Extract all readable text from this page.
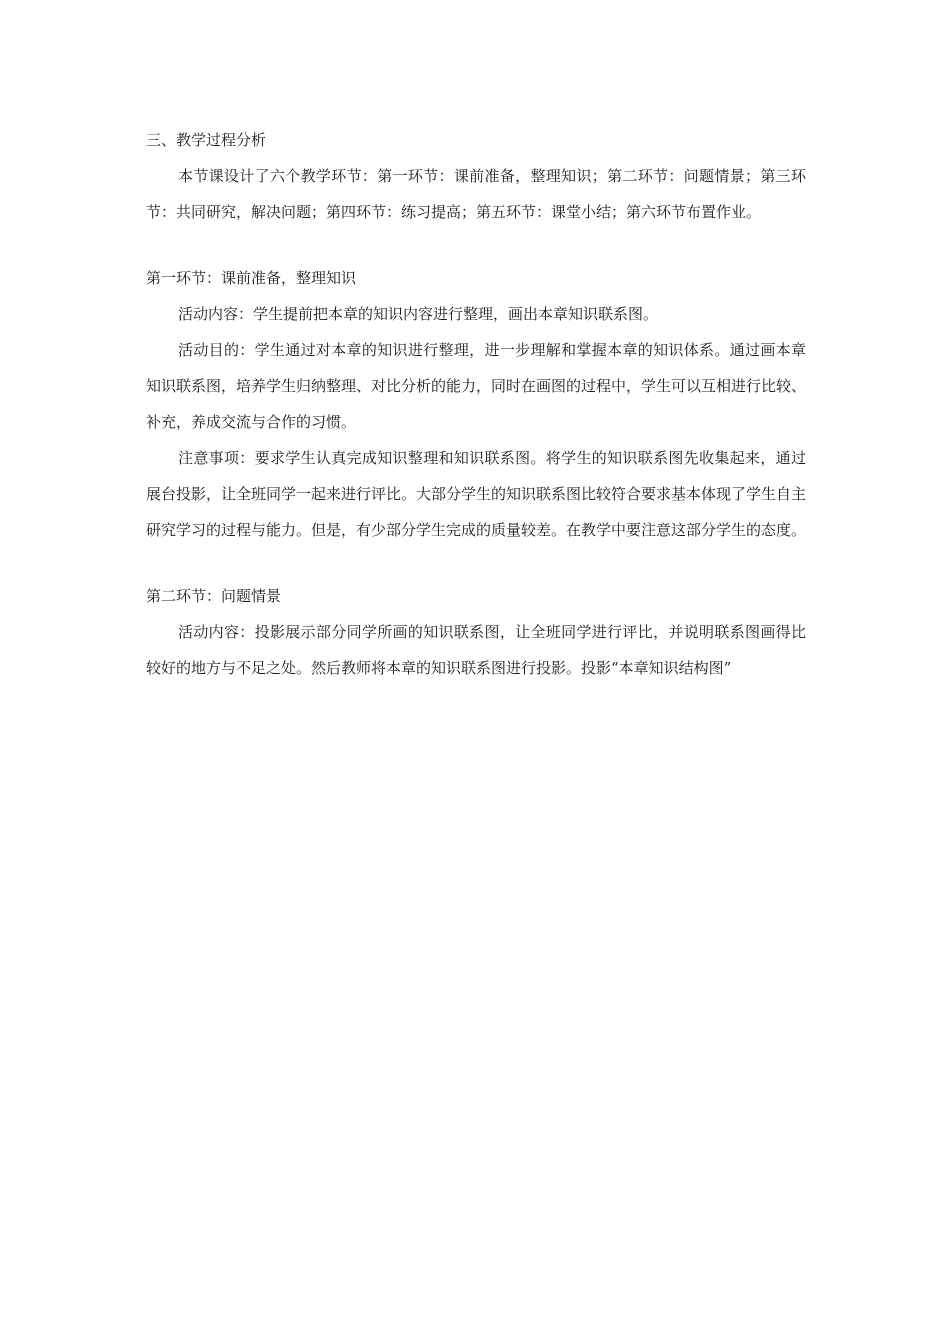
三、教学过程分析

本节课设计了六个教学环节：第一环节：课前准备，整理知识；第二环节：问题情景；第三环节：共同研究，解决问题；第四环节：练习提高；第五环节：课堂小结；第六环节布置作业。

第一环节：课前准备，整理知识

活动内容：学生提前把本章的知识内容进行整理，画出本章知识联系图。

活动目的：学生通过对本章的知识进行整理，进一步理解和掌握本章的知识体系。通过画本章知识联系图，培养学生归纳整理、对比分析的能力，同时在画图的过程中，学生可以互相进行比较、补充，养成交流与合作的习惯。

注意事项：要求学生认真完成知识整理和知识联系图。将学生的知识联系图先收集起来，通过展台投影，让全班同学一起来进行评比。大部分学生的知识联系图比较符合要求基本体现了学生自主研究学习的过程与能力。但是，有少部分学生完成的质量较差。在教学中要注意这部分学生的态度。

第二环节：问题情景

活动内容：投影展示部分同学所画的知识联系图，让全班同学进行评比，并说明联系图画得比较好的地方与不足之处。然后教师将本章的知识联系图进行投影。投影“本章知识结构图”
